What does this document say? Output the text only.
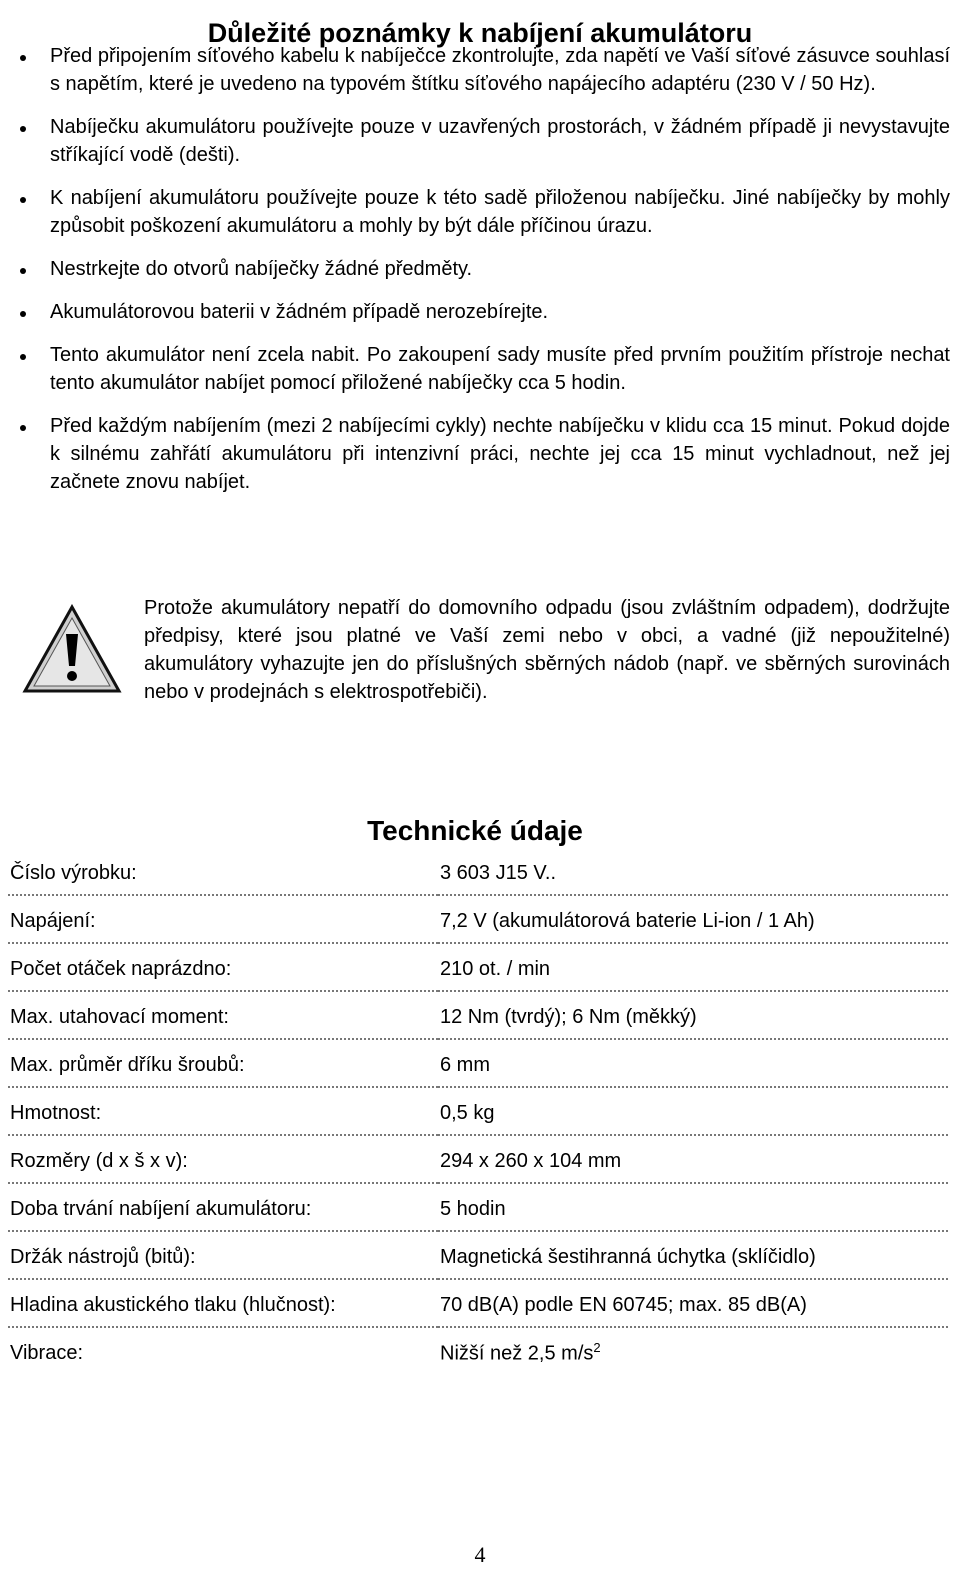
Důležité poznámky k nabíjení akumulátoru
Před připojením síťového kabelu k nabíječce zkontrolujte, zda napětí ve Vaší síťové zásuvce souhlasí s napětím, které je uvedeno na typovém štítku síťového napájecího adaptéru (230 V / 50 Hz).
Nabíječku akumulátoru používejte pouze v uzavřených prostorách, v žádném případě ji nevystavujte stříkající vodě (dešti).
K nabíjení akumulátoru používejte pouze k této sadě přiloženou nabíječku. Jiné nabíječky by mohly způsobit poškození akumulátoru a mohly by být dále příčinou úrazu.
Nestrkejte do otvorů nabíječky žádné předměty.
Akumulátorovou baterii v žádném případě nerozebírejte.
Tento akumulátor není zcela nabit. Po zakoupení sady musíte před prvním použitím přístroje nechat tento akumulátor nabíjet pomocí přiložené nabíječky cca 5 hodin.
Před každým nabíjením (mezi 2 nabíjecími cykly) nechte nabíječku v klidu cca 15 minut. Pokud dojde k silnému zahřátí akumulátoru při intenzivní práci, nechte jej cca 15 minut vychladnout, než jej začnete znovu nabíjet.
Protože akumulátory nepatří do domovního odpadu (jsou zvláštním odpadem), dodržujte předpisy, které jsou platné ve Vaší zemi nebo v obci, a vadné (již nepoužitelné) akumulátory vyhazujte jen do příslušných sběrných nádob (např. ve sběrných surovinách nebo v prodejnách s elektrospotřebiči).
Technické údaje
Číslo výrobku:	3 603 J15 V..
Napájení:	7,2 V (akumulátorová baterie Li-ion / 1 Ah)
Počet otáček naprázdno:	210 ot. / min
Max. utahovací moment:	12 Nm (tvrdý); 6 Nm (měkký)
Max. průměr dříku šroubů:	6 mm
Hmotnost:	0,5 kg
Rozměry (d x š x v):	294 x 260 x 104 mm
Doba trvání nabíjení akumulátoru:	5 hodin
Držák nástrojů (bitů):	Magnetická šestihranná úchytka (sklíčidlo)
Hladina akustického tlaku (hlučnost):	70 dB(A) podle EN 60745; max. 85 dB(A)
Vibrace:	Nižší než 2,5 $m/s^2$
4
